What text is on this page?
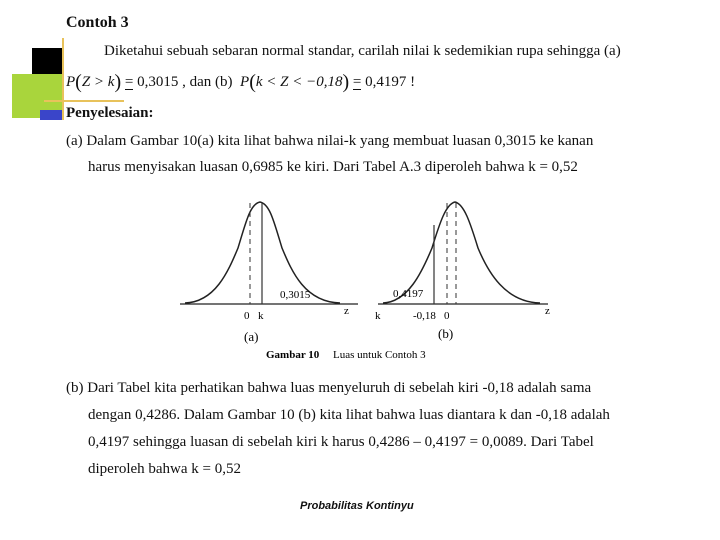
Contoh 3
Diketahui sebuah sebaran normal standar, carilah nilai k sedemikian rupa sehingga (a)
P(Z > k) = 0,3015 , dan (b) P(k < Z < −0,18) = 0,4197 !
Penyelesaian:
(a) Dalam Gambar 10(a) kita lihat bahwa nilai-k yang membuat luasan 0,3015 ke kanan
harus menyisakan luasan 0,6985 ke kiri. Dari Tabel A.3 diperoleh bahwa k = 0,52
0,3015
0 k	z
(a)
0,4197
k	-0,18 0	z
(b)
Gambar 10 Luas untuk Contoh 3
(b) Dari Tabel kita perhatikan bahwa luas menyeluruh di sebelah kiri -0,18 adalah sama
dengan 0,4286. Dalam Gambar 10 (b) kita lihat bahwa luas diantara k dan -0,18 adalah
0,4197 sehingga luasan di sebelah kiri k harus 0,4286 – 0,4197 = 0,0089. Dari Tabel
diperoleh bahwa k = 0,52
Probabilitas Kontinyu
